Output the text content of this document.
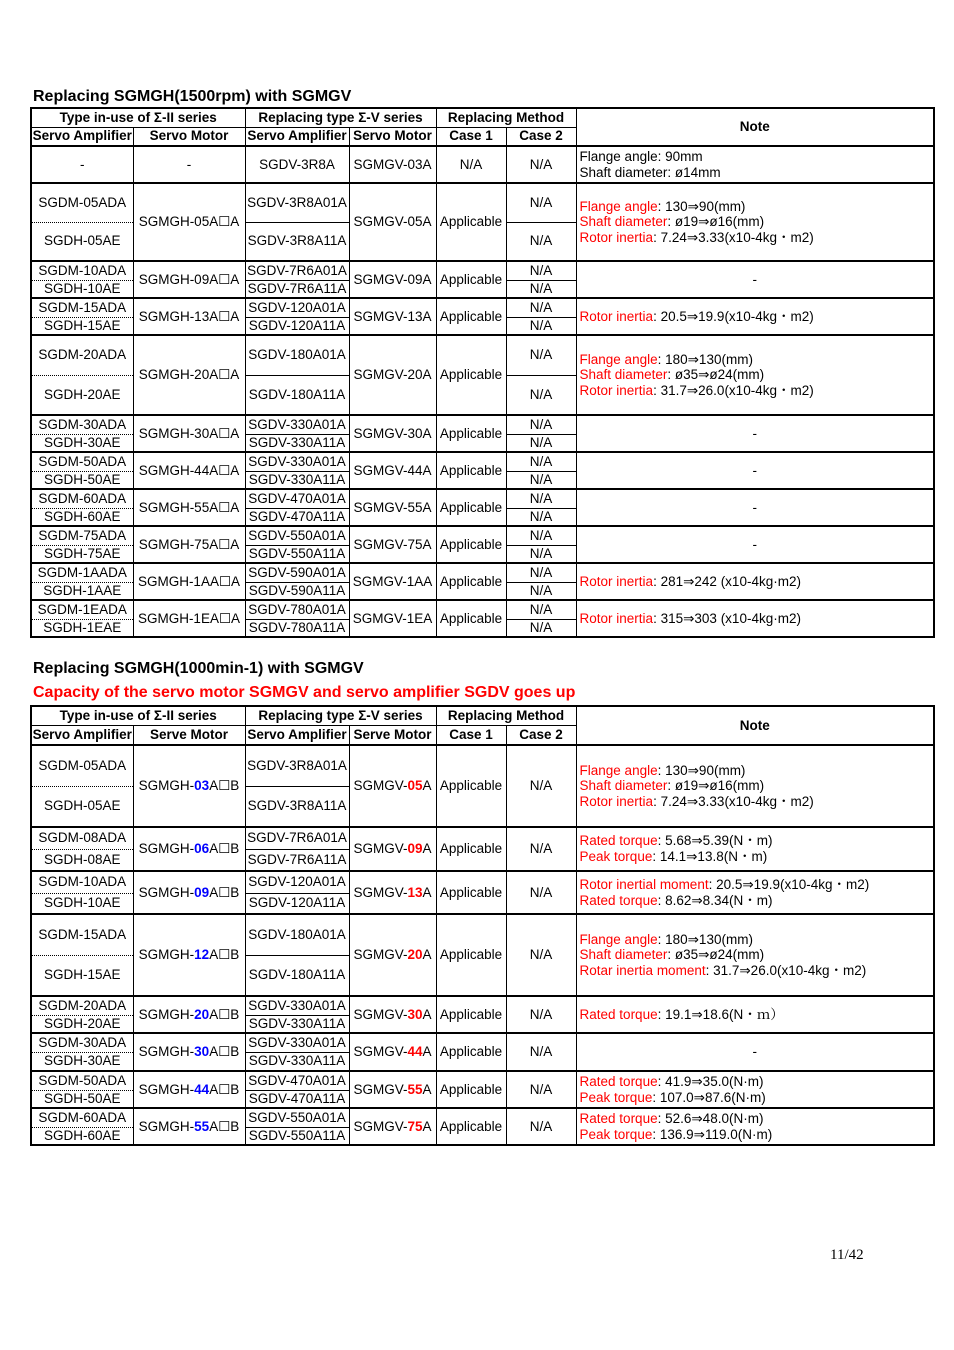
Replacing SGMGH(1500rpm) with SGMGV
Type in-use of Σ-II series		Replacing type Σ-V series		Replacing Method		Note
Servo Amplifier	Servo Motor	Servo Amplifier	Servo Motor	Case 1	Case 2	
-	-	SGDV-3R8A	SGMGV-03A	N/A	N/A	Flange angle: 90mm
Shaft diameter: ø14mm

SGDM-05ADA	SGMGH-05A☐A	SGDV-3R8A01A	SGMGV-05A	Applicable	N/A	Flange angle: 130⇒90(mm)
Shaft diameter: ø19⇒ø16(mm)
Rotor inertia: 7.24⇒3.33(x10-4kg・m2)

SGDH-05AE		SGDV-3R8A11A			N/A	
SGDM-10ADA	SGMGH-09A☐A	SGDV-7R6A01A	SGMGV-09A	Applicable	N/A	-
SGDH-10AE		SGDV-7R6A11A			N/A	
SGDM-15ADA	SGMGH-13A☐A	SGDV-120A01A	SGMGV-13A	Applicable	N/A	Rotor inertia: 20.5⇒19.9(x10-4kg・m2)

SGDH-15AE		SGDV-120A11A			N/A	
SGDM-20ADA	SGMGH-20A☐A	SGDV-180A01A	SGMGV-20A	Applicable	N/A	Flange angle: 180⇒130(mm)
Shaft diameter: ø35⇒ø24(mm)
Rotor inertia: 31.7⇒26.0(x10-4kg・m2)

SGDH-20AE		SGDV-180A11A			N/A	
SGDM-30ADA	SGMGH-30A☐A	SGDV-330A01A	SGMGV-30A	Applicable	N/A	-
SGDH-30AE		SGDV-330A11A			N/A	
SGDM-50ADA	SGMGH-44A☐A	SGDV-330A01A	SGMGV-44A	Applicable	N/A	-
SGDH-50AE		SGDV-330A11A			N/A	
SGDM-60ADA	SGMGH-55A☐A	SGDV-470A01A	SGMGV-55A	Applicable	N/A	-
SGDH-60AE		SGDV-470A11A			N/A	
SGDM-75ADA	SGMGH-75A☐A	SGDV-550A01A	SGMGV-75A	Applicable	N/A	-
SGDH-75AE		SGDV-550A11A			N/A	
SGDM-1AADA	SGMGH-1AA☐A	SGDV-590A01A	SGMGV-1AA	Applicable	N/A	Rotor inertia: 281⇒242 (x10-4kg·m2)

SGDH-1AAE		SGDV-590A11A			N/A	
SGDM-1EADA	SGMGH-1EA☐A	SGDV-780A01A	SGMGV-1EA	Applicable	N/A	Rotor inertia: 315⇒303 (x10-4kg·m2)

SGDH-1EAE		SGDV-780A11A			N/A	
Replacing SGMGH(1000min-1) with SGMGV
Capacity of the servo motor SGMGV and servo amplifier SGDV goes up
Type in-use of Σ-II series		Replacing type Σ-V series		Replacing Method		Note
Servo Amplifier	Serve Motor	Servo Amplifier	Serve Motor	Case 1	Case 2	
SGDM-05ADA	SGMGH-03A☐B	SGDV-3R8A01A	SGMGV-05A	Applicable	N/A	Flange angle: 130⇒90(mm)
Shaft diameter: ø19⇒ø16(mm)
Rotor inertia: 7.24⇒3.33(x10-4kg・m2)

SGDH-05AE		SGDV-3R8A11A				
SGDM-08ADA	SGMGH-06A☐B	SGDV-7R6A01A	SGMGV-09A	Applicable	N/A	Rated torque: 5.68⇒5.39(N・m)
Peak torque: 14.1⇒13.8(N・m)

SGDH-08AE		SGDV-7R6A11A				
SGDM-10ADA	SGMGH-09A☐B	SGDV-120A01A	SGMGV-13A	Applicable	N/A	Rotor inertial moment: 20.5⇒19.9(x10-4kg・m2)
Rated torque: 8.62⇒8.34(N・m)

SGDH-10AE		SGDV-120A11A				
SGDM-15ADA	SGMGH-12A☐B	SGDV-180A01A	SGMGV-20A	Applicable	N/A	Flange angle: 180⇒130(mm)
Shaft diameter: ø35⇒ø24(mm)
Rotar inertia moment: 31.7⇒26.0(x10-4kg・m2)

SGDH-15AE		SGDV-180A11A				
SGDM-20ADA	SGMGH-20A☐B	SGDV-330A01A	SGMGV-30A	Applicable	N/A	Rated torque: 19.1⇒18.6(N・ｍ）

SGDH-20AE		SGDV-330A11A				
SGDM-30ADA	SGMGH-30A☐B	SGDV-330A01A	SGMGV-44A	Applicable	N/A	-
SGDH-30AE		SGDV-330A11A				
SGDM-50ADA	SGMGH-44A☐B	SGDV-470A01A	SGMGV-55A	Applicable	N/A	Rated torque: 41.9⇒35.0(N·m)
Peak torque: 107.0⇒87.6(N·m)

SGDH-50AE		SGDV-470A11A				
SGDM-60ADA	SGMGH-55A☐B	SGDV-550A01A	SGMGV-75A	Applicable	N/A	Rated torque: 52.6⇒48.0(N·m)
Peak torque: 136.9⇒119.0(N·m)

SGDH-60AE		SGDV-550A11A				
11/42
